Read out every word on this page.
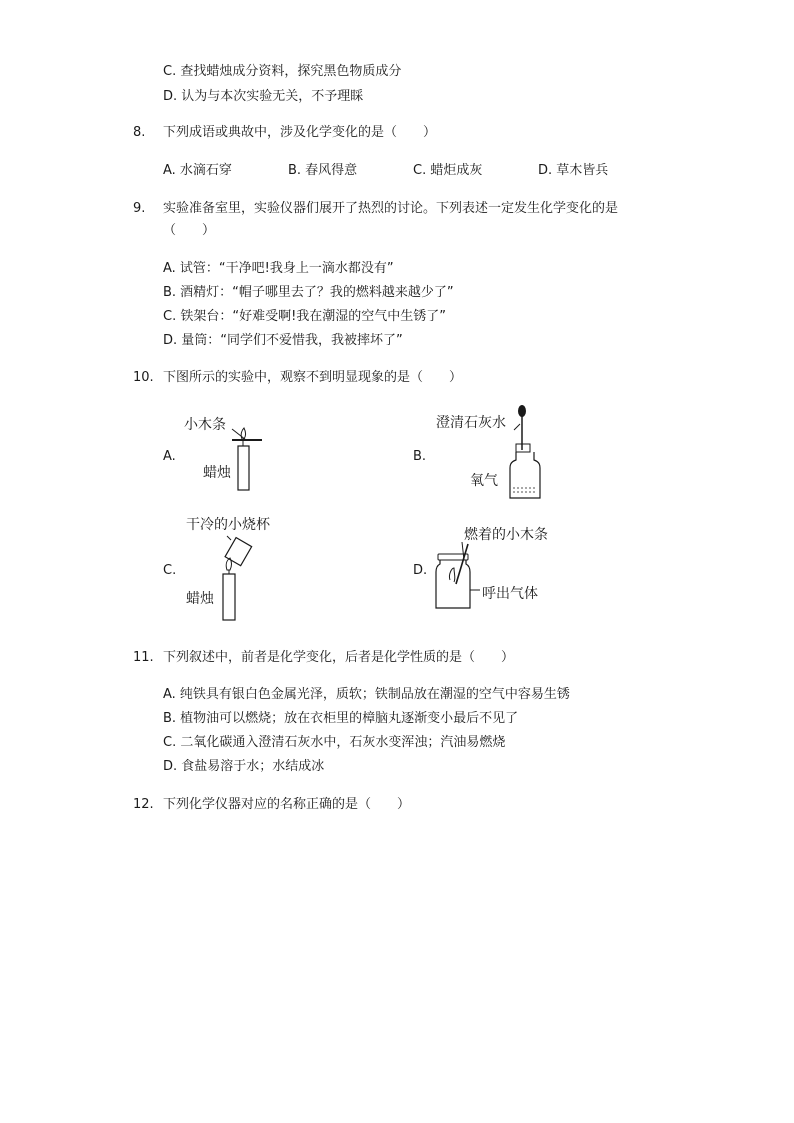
C. 查找蜡烛成分资料，探究黑色物质成分
D. 认为与本次实验无关，不予理睬
8. 下列成语或典故中，涉及化学变化的是（　　）
A. 水滴石穿	B. 春风得意	C. 蜡炬成灰	D. 草木皆兵
9. 实验准备室里，实验仪器们展开了热烈的讨论。下列表述一定发生化学变化的是
（　　）
A. 试管：“干净吧!我身上一滴水都没有”
B. 酒精灯：“帽子哪里去了？我的燃料越来越少了”
C. 铁架台：“好难受啊!我在潮湿的空气中生锈了”
D. 量筒：“同学们不爱惜我，我被摔坏了”
10. 下图所示的实验中，观察不到明显现象的是（　　）
A.
小木条
蜡烛
B.
澄清石灰水
氧气
C.
干冷的小烧杯
蜡烛
D.
燃着的小木条
呼出气体
11. 下列叙述中，前者是化学变化，后者是化学性质的是（　　）
A. 纯铁具有银白色金属光泽，质软；铁制品放在潮湿的空气中容易生锈
B. 植物油可以燃烧；放在衣柜里的樟脑丸逐渐变小最后不见了
C. 二氧化碳通入澄清石灰水中，石灰水变浑浊；汽油易燃烧
D. 食盐易溶于水；水结成冰
12. 下列化学仪器对应的名称正确的是（　　）
